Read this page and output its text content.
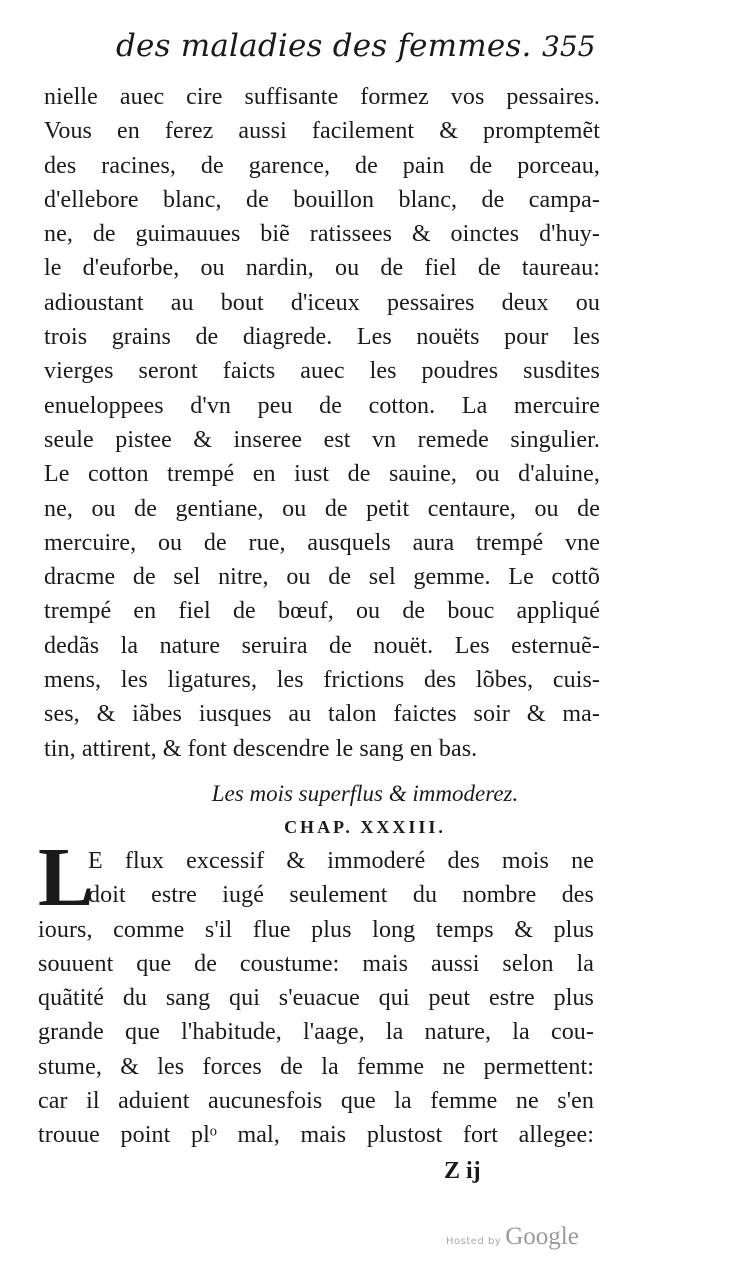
des maladies des femmes. 355
nielle auec cire suffisante formez vos pessaires.
Vous en ferez aussi facilement & promptemẽt
des racines, de garence, de pain de porceau,
d'ellebore blanc, de bouillon blanc, de campa-
ne, de guimauues biẽ ratissees & oinctes d'huy-
le d'euforbe, ou nardin, ou de fiel de taureau:
adioustant au bout d'iceux pessaires deux ou
trois grains de diagrede. Les nouëts pour les
vierges seront faicts auec les poudres susdites
enueloppees d'vn peu de cotton. La mercuire
seule pistee & inseree est vn remede singulier.
Le cotton trempé en iust de sauine, ou d'aluine,
ne, ou de gentiane, ou de petit centaure, ou de
mercuire, ou de rue, ausquels aura trempé vne
dracme de sel nitre, ou de sel gemme. Le cottõ
trempé en fiel de bœuf, ou de bouc appliqué
dedãs la nature seruira de nouët. Les esternuẽ-
mens, les ligatures, les frictions des lõbes, cuis-
ses, & iãbes iusques au talon faictes soir & ma-
tin, attirent, & font descendre le sang en bas.
Les mois superflus & immoderez.
CHAP. XXXIII.
L
E flux excessif & immoderé des mois ne
doit estre iugé seulement du nombre des
iours, comme s'il flue plus long temps & plus
souuent que de coustume: mais aussi selon la
quãtité du sang qui s'euacue qui peut estre plus
grande que l'habitude, l'aage, la nature, la cou-
stume, & les forces de la femme ne permettent:
car il aduient aucunesfois que la femme ne s'en
trouue point plᵒ mal, mais plustost fort allegee:
Z ij
Hosted by Google
